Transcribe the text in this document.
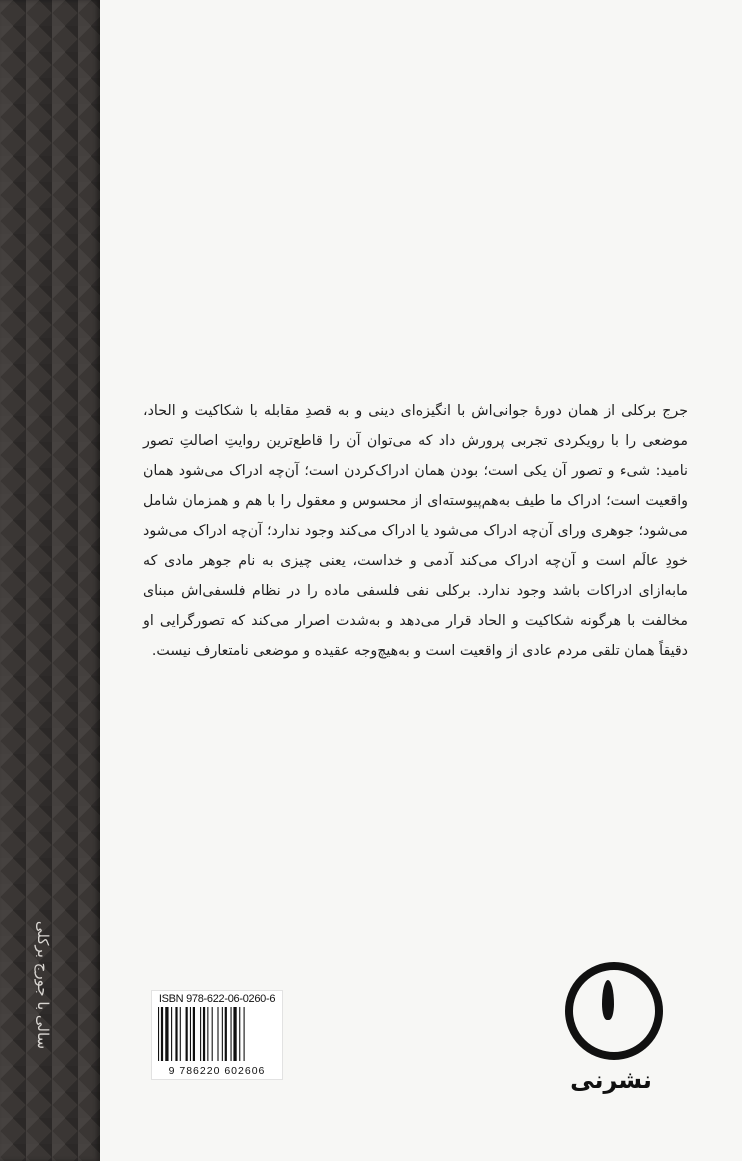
سالی با جورج برکلی

جرج برکلی از همان دورهٔ جوانی‌اش با انگیزه‌ای دینی و به قصدِ مقابله با شکاکیت و الحاد، موضعی را با رویکردی تجربی پرورش داد که می‌توان آن را قاطع‌ترین روایتِ اصالتِ تصور نامید: شیء و تصور آن یکی است؛ بودن همان ادراک‌کردن است؛ آن‌چه ادراک می‌شود همان واقعیت است؛ ادراک ما طیف به‌هم‌پیوسته‌ای از محسوس و معقول را با هم و همزمان شامل می‌شود؛ جوهری ورای آن‌چه ادراک می‌شود یا ادراک می‌کند وجود ندارد؛ آن‌چه ادراک می‌شود خودِ عالَم است و آن‌چه ادراک می‌کند آدمی و خداست، یعنی چیزی به نام جوهر مادی که مابه‌ازای ادراکات باشد وجود ندارد. برکلی نفی فلسفی ماده را در نظام فلسفی‌اش مبنای مخالفت با هرگونه شکاکیت و الحاد قرار می‌دهد و به‌شدت اصرار می‌کند که تصورگرایی او دقیقاً همان تلقی مردم عادی از واقعیت است و به‌هیچ‌وجه عقیده و موضعی نامتعارف نیست.

ISBN 978-622-06-0260-6
9 786220 602606	نشرنی
